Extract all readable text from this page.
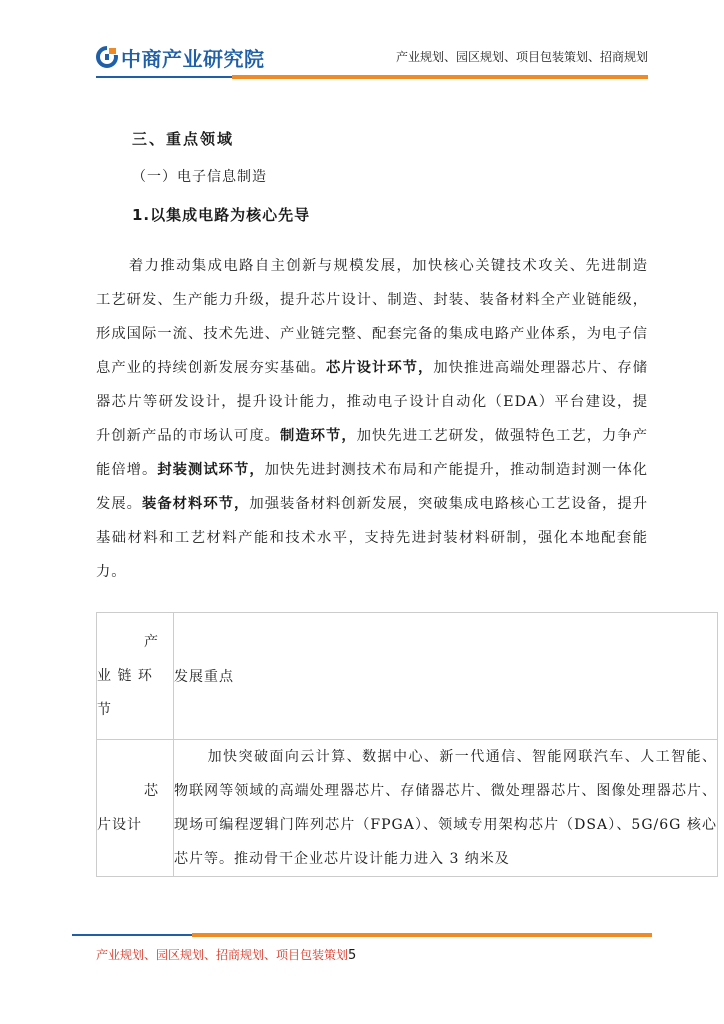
中商产业研究院	产业规划、园区规划、项目包装策划、招商规划
三、重点领域
（一）电子信息制造
1.以集成电路为核心先导

着力推动集成电路自主创新与规模发展，加快核心关键技术攻关、先进制造工艺研发、生产能力升级，提升芯片设计、制造、封装、装备材料全产业链能级，形成国际一流、技术先进、产业链完整、配套完备的集成电路产业体系，为电子信息产业的持续创新发展夯实基础。芯片设计环节，加快推进高端处理器芯片、存储器芯片等研发设计，提升设计能力，推动电子设计自动化（EDA）平台建设，提升创新产品的市场认可度。制造环节，加快先进工艺研发，做强特色工艺，力争产能倍增。封装测试环节，加快先进封测技术布局和产能提升，推动制造封测一体化发展。装备材料环节，加强装备材料创新发展，突破集成电路核心工艺设备，提升基础材料和工艺材料产能和技术水平，支持先进封装材料研制，强化本地配套能力。

产
业 链 环
节	发展重点

芯
片设计	加快突破面向云计算、数据中心、新一代通信、智能网联汽车、人工智能、物联网等领域的高端处理器芯片、存储器芯片、微处理器芯片、图像处理器芯片、现场可编程逻辑门阵列芯片（FPGA）、领域专用架构芯片（DSA）、5G/6G 核心芯片等。推动骨干企业芯片设计能力进入 3 纳米及
产业规划、园区规划、招商规划、项目包装策划5
